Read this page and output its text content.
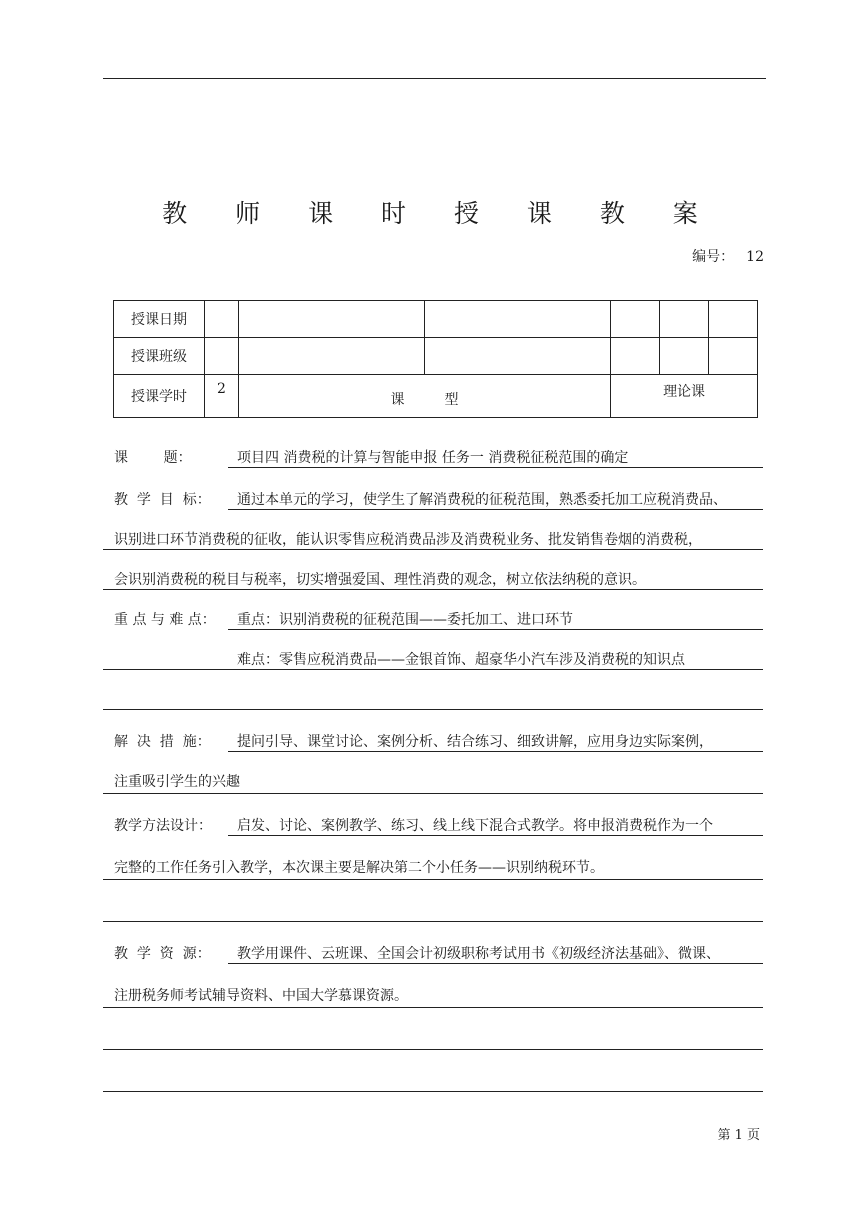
教 师 课 时 授 课 教 案
编号： 12
授课日期						
授课班级						
授课学时	2	课 型		理论课		
课        题：	项目四 消费税的计算与智能申报 任务一 消费税征税范围的确定
教  学  目  标： 通过本单元的学习，使学生了解消费税的征税范围，熟悉委托加工应税消费品、
识别进口环节消费税的征收，能认识零售应税消费品涉及消费税业务、批发销售卷烟的消费税，
会识别消费税的税目与税率，切实增强爱国、理性消费的观念，树立依法纳税的意识。
重 点 与 难 点： 重点：识别消费税的征税范围——委托加工、进口环节
难点：零售应税消费品——金银首饰、超豪华小汽车涉及消费税的知识点
解  决  措  施： 提问引导、课堂讨论、案例分析、结合练习、细致讲解，应用身边实际案例，
注重吸引学生的兴趣
教学方法设计： 启发、讨论、案例教学、练习、线上线下混合式教学。将申报消费税作为一个
完整的工作任务引入教学，本次课主要是解决第二个小任务——识别纳税环节。
教  学  资  源： 教学用课件、云班课、全国会计初级职称考试用书《初级经济法基础》、微课、
注册税务师考试辅导资料、中国大学慕课资源。
第 1 页
